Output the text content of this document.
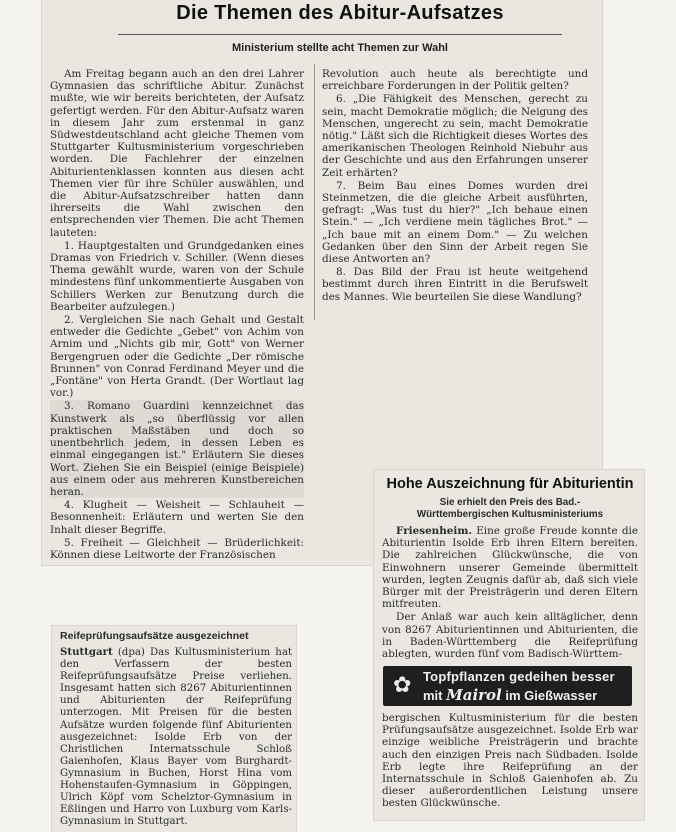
Die Themen des Abitur-Aufsatzes
Ministerium stellte acht Themen zur Wahl

Am Freitag begann auch an den drei Lahrer Gymnasien das schriftliche Abitur. Zunächst mußte, wie wir bereits berichteten, der Aufsatz gefertigt werden. Für den Abitur-Aufsatz waren in diesem Jahr zum erstenmal in ganz Südwestdeutschland acht gleiche Themen vom Stuttgarter Kultusministerium vorgeschrieben worden. Die Fachlehrer der einzelnen Abiturientenklassen konnten aus diesen acht Themen vier für ihre Schüler auswählen, und die Abitur-Aufsatzschreiber hatten dann ihrerseits die Wahl zwischen den entsprechenden vier Themen. Die acht Themen lauteten:

1. Hauptgestalten und Grundgedanken eines Dramas von Friedrich v. Schiller. (Wenn dieses Thema gewählt wurde, waren von der Schule mindestens fünf unkommentierte Ausgaben von Schillers Werken zur Benutzung durch die Bearbeiter aufzulegen.)

2. Vergleichen Sie nach Gehalt und Gestalt entweder die Gedichte „Gebet" von Achim von Arnim und „Nichts gib mir, Gott" von Werner Bergengruen oder die Gedichte „Der römische Brunnen" von Conrad Ferdinand Meyer und die „Fontäne" von Herta Grandt. (Der Wortlaut lag vor.)

3. Romano Guardini kennzeichnet das Kunstwerk als „so überflüssig vor allen praktischen Maßstäben und doch so unentbehrlich jedem, in dessen Leben es einmal eingegangen ist." Erläutern Sie dieses Wort. Ziehen Sie ein Beispiel (einige Beispiele) aus einem oder aus mehreren Kunstbereichen heran.

4. Klugheit — Weisheit — Schlauheit — Besonnenheit: Erläutern und werten Sie den Inhalt dieser Begriffe.

5. Freiheit — Gleichheit — Brüderlichkeit: Können diese Leitworte der Französischen

Revolution auch heute als berechtigte und erreichbare Forderungen in der Politik gelten?

6. „Die Fähigkeit des Menschen, gerecht zu sein, macht Demokratie möglich; die Neigung des Menschen, ungerecht zu sein, macht Demokratie nötig." Läßt sich die Richtigkeit dieses Wortes des amerikanischen Theologen Reinhold Niebuhr aus der Geschichte und aus den Erfahrungen unserer Zeit erhärten?

7. Beim Bau eines Domes wurden drei Steinmetzen, die die gleiche Arbeit ausführten, gefragt: „Was tust du hier?" „Ich behaue einen Stein." — „Ich verdiene mein tägliches Brot." — „Ich baue mit an einem Dom." — Zu welchen Gedanken über den Sinn der Arbeit regen Sie diese Antworten an?

8. Das Bild der Frau ist heute weitgehend bestimmt durch ihren Eintritt in die Berufswelt des Mannes. Wie beurteilen Sie diese Wandlung?

Reifeprüfungsaufsätze ausgezeichnet

Stuttgart (dpa) Das Kultusministerium hat den Verfassern der besten Reifeprüfungsaufsätze Preise verliehen. Insgesamt hatten sich 8267 Abiturientinnen und Abiturienten der Reifeprüfung unterzogen. Mit Preisen für die besten Aufsätze wurden folgende fünf Abiturienten ausgezeichnet: Isolde Erb von der Christlichen Internatsschule Schloß Gaienhofen, Klaus Bayer vom Burghardt-Gymnasium in Buchen, Horst Hina vom Hohenstaufen-Gymnasium in Göppingen, Ulrich Köpf vom Schelztor-Gymnasium in Eßlingen und Harro von Luxburg vom Karls-Gymnasium in Stuttgart.

Hohe Auszeichnung für Abiturientin
Sie erhielt den Preis des Bad.-Württembergischen Kultusministeriums

Friesenheim. Eine große Freude konnte die Abiturientin Isolde Erb ihren Eltern bereiten. Die zahlreichen Glückwünsche, die von Einwohnern unserer Gemeinde übermittelt wurden, legten Zeugnis dafür ab, daß sich viele Bürger mit der Preisträgerin und deren Eltern mitfreuten.

Der Anlaß war auch kein alltäglicher, denn von 8267 Abiturientinnen und Abiturienten, die in Baden-Württemberg die Reifeprüfung ablegten, wurden fünf vom Badisch-Württem-

✿ Topfpflanzen gedeihen besser
mit Mairol im Gießwasser

bergischen Kultusministerium für die besten Prüfungsaufsätze ausgezeichnet. Isolde Erb war einzige weibliche Preisträgerin und brachte auch den einzigen Preis nach Südbaden. Isolde Erb legte ihre Reifeprüfung an der Internatsschule in Schloß Gaienhofen ab. Zu dieser außerordentlichen Leistung unsere besten Glückwünsche.
